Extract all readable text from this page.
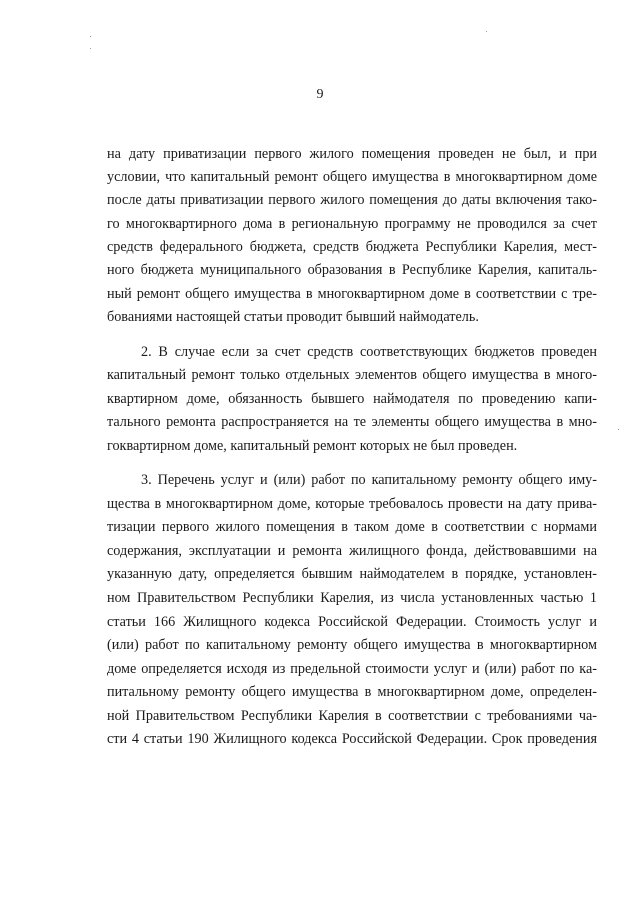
9
на дату приватизации первого жилого помещения проведен не был, и при
условии, что капитальный ремонт общего имущества в многоквартирном доме
после даты приватизации первого жилого помещения до даты включения тако-
го многоквартирного дома в региональную программу не проводился за счет
средств федерального бюджета, средств бюджета Республики Карелия, мест-
ного бюджета муниципального образования в Республике Карелия, капиталь-
ный ремонт общего имущества в многоквартирном доме в соответствии с тре-
бованиями настоящей статьи проводит бывший наймодатель.
2. В случае если за счет средств соответствующих бюджетов проведен
капитальный ремонт только отдельных элементов общего имущества в много-
квартирном доме, обязанность бывшего наймодателя по проведению капи-
тального ремонта распространяется на те элементы общего имущества в мно-
гоквартирном доме, капитальный ремонт которых не был проведен.
3. Перечень услуг и (или) работ по капитальному ремонту общего иму-
щества в многоквартирном доме, которые требовалось провести на дату прива-
тизации первого жилого помещения в таком доме в соответствии с нормами
содержания, эксплуатации и ремонта жилищного фонда, действовавшими на
указанную дату, определяется бывшим наймодателем в порядке, установлен-
ном Правительством Республики Карелия, из числа установленных частью 1
статьи 166 Жилищного кодекса Российской Федерации. Стоимость услуг и
(или) работ по капитальному ремонту общего имущества в многоквартирном
доме определяется исходя из предельной стоимости услуг и (или) работ по ка-
питальному ремонту общего имущества в многоквартирном доме, определен-
ной Правительством Республики Карелия в соответствии с требованиями ча-
сти 4 статьи 190 Жилищного кодекса Российской Федерации. Срок проведения
